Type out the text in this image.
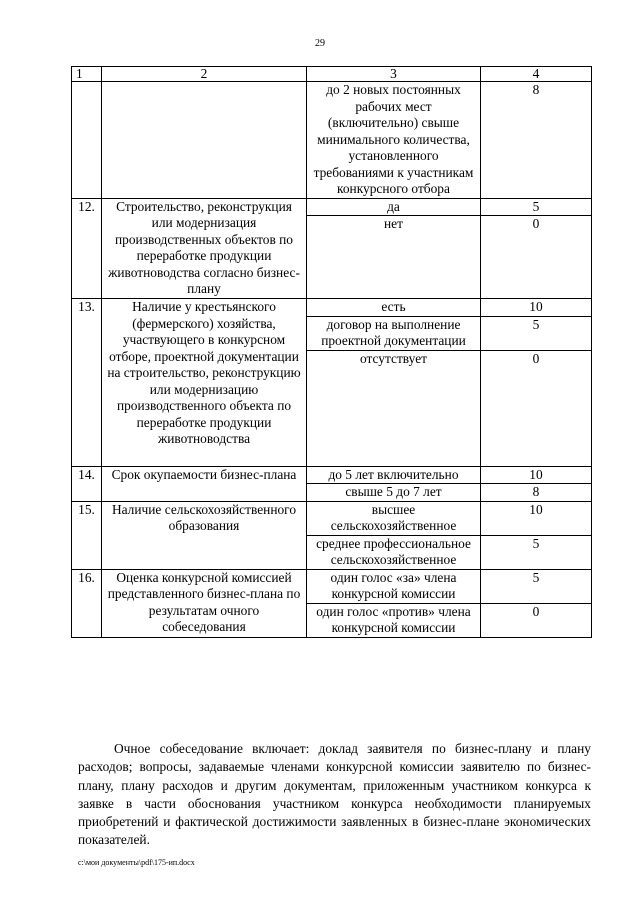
29
1	2	3	4
		до 2 новых постоянных рабочих мест (включительно) свыше минимального количества, установленного требованиями к участникам конкурсного отбора	8
12.	Строительство, реконструкция или модернизация производственных объектов по переработке продукции животноводства согласно бизнес-плану	да	5
		нет	0
13.	Наличие у крестьянского (фермерского) хозяйства, участвующего в конкурсном отборе, проектной документации на строительство, реконструкцию или модернизацию производственного объекта по переработке продукции животноводства	есть	10
		договор на выполнение проектной документации	5
		отсутствует	0
14.	Срок окупаемости бизнес-плана	до 5 лет включительно	10
		свыше 5 до 7 лет	8
15.	Наличие сельскохозяйственного образования	высшее сельскохозяйственное	10
		среднее профессиональное сельскохозяйственное	5
16.	Оценка конкурсной комиссией представленного бизнес-плана по результатам очного собеседования	один голос «за» члена конкурсной комиссии	5
		один голос «против» члена конкурсной комиссии	0

Очное собеседование включает: доклад заявителя по бизнес-плану и плану расходов; вопросы, задаваемые членами конкурсной комиссии заявителю по бизнес-плану, плану расходов и другим документам, приложенным участником конкурса к заявке в части обоснования участником конкурса необходимости планируемых приобретений и фактической достижимости заявленных в бизнес-плане экономических показателей.

c:\мои документы\pdf\175-ип.docx
